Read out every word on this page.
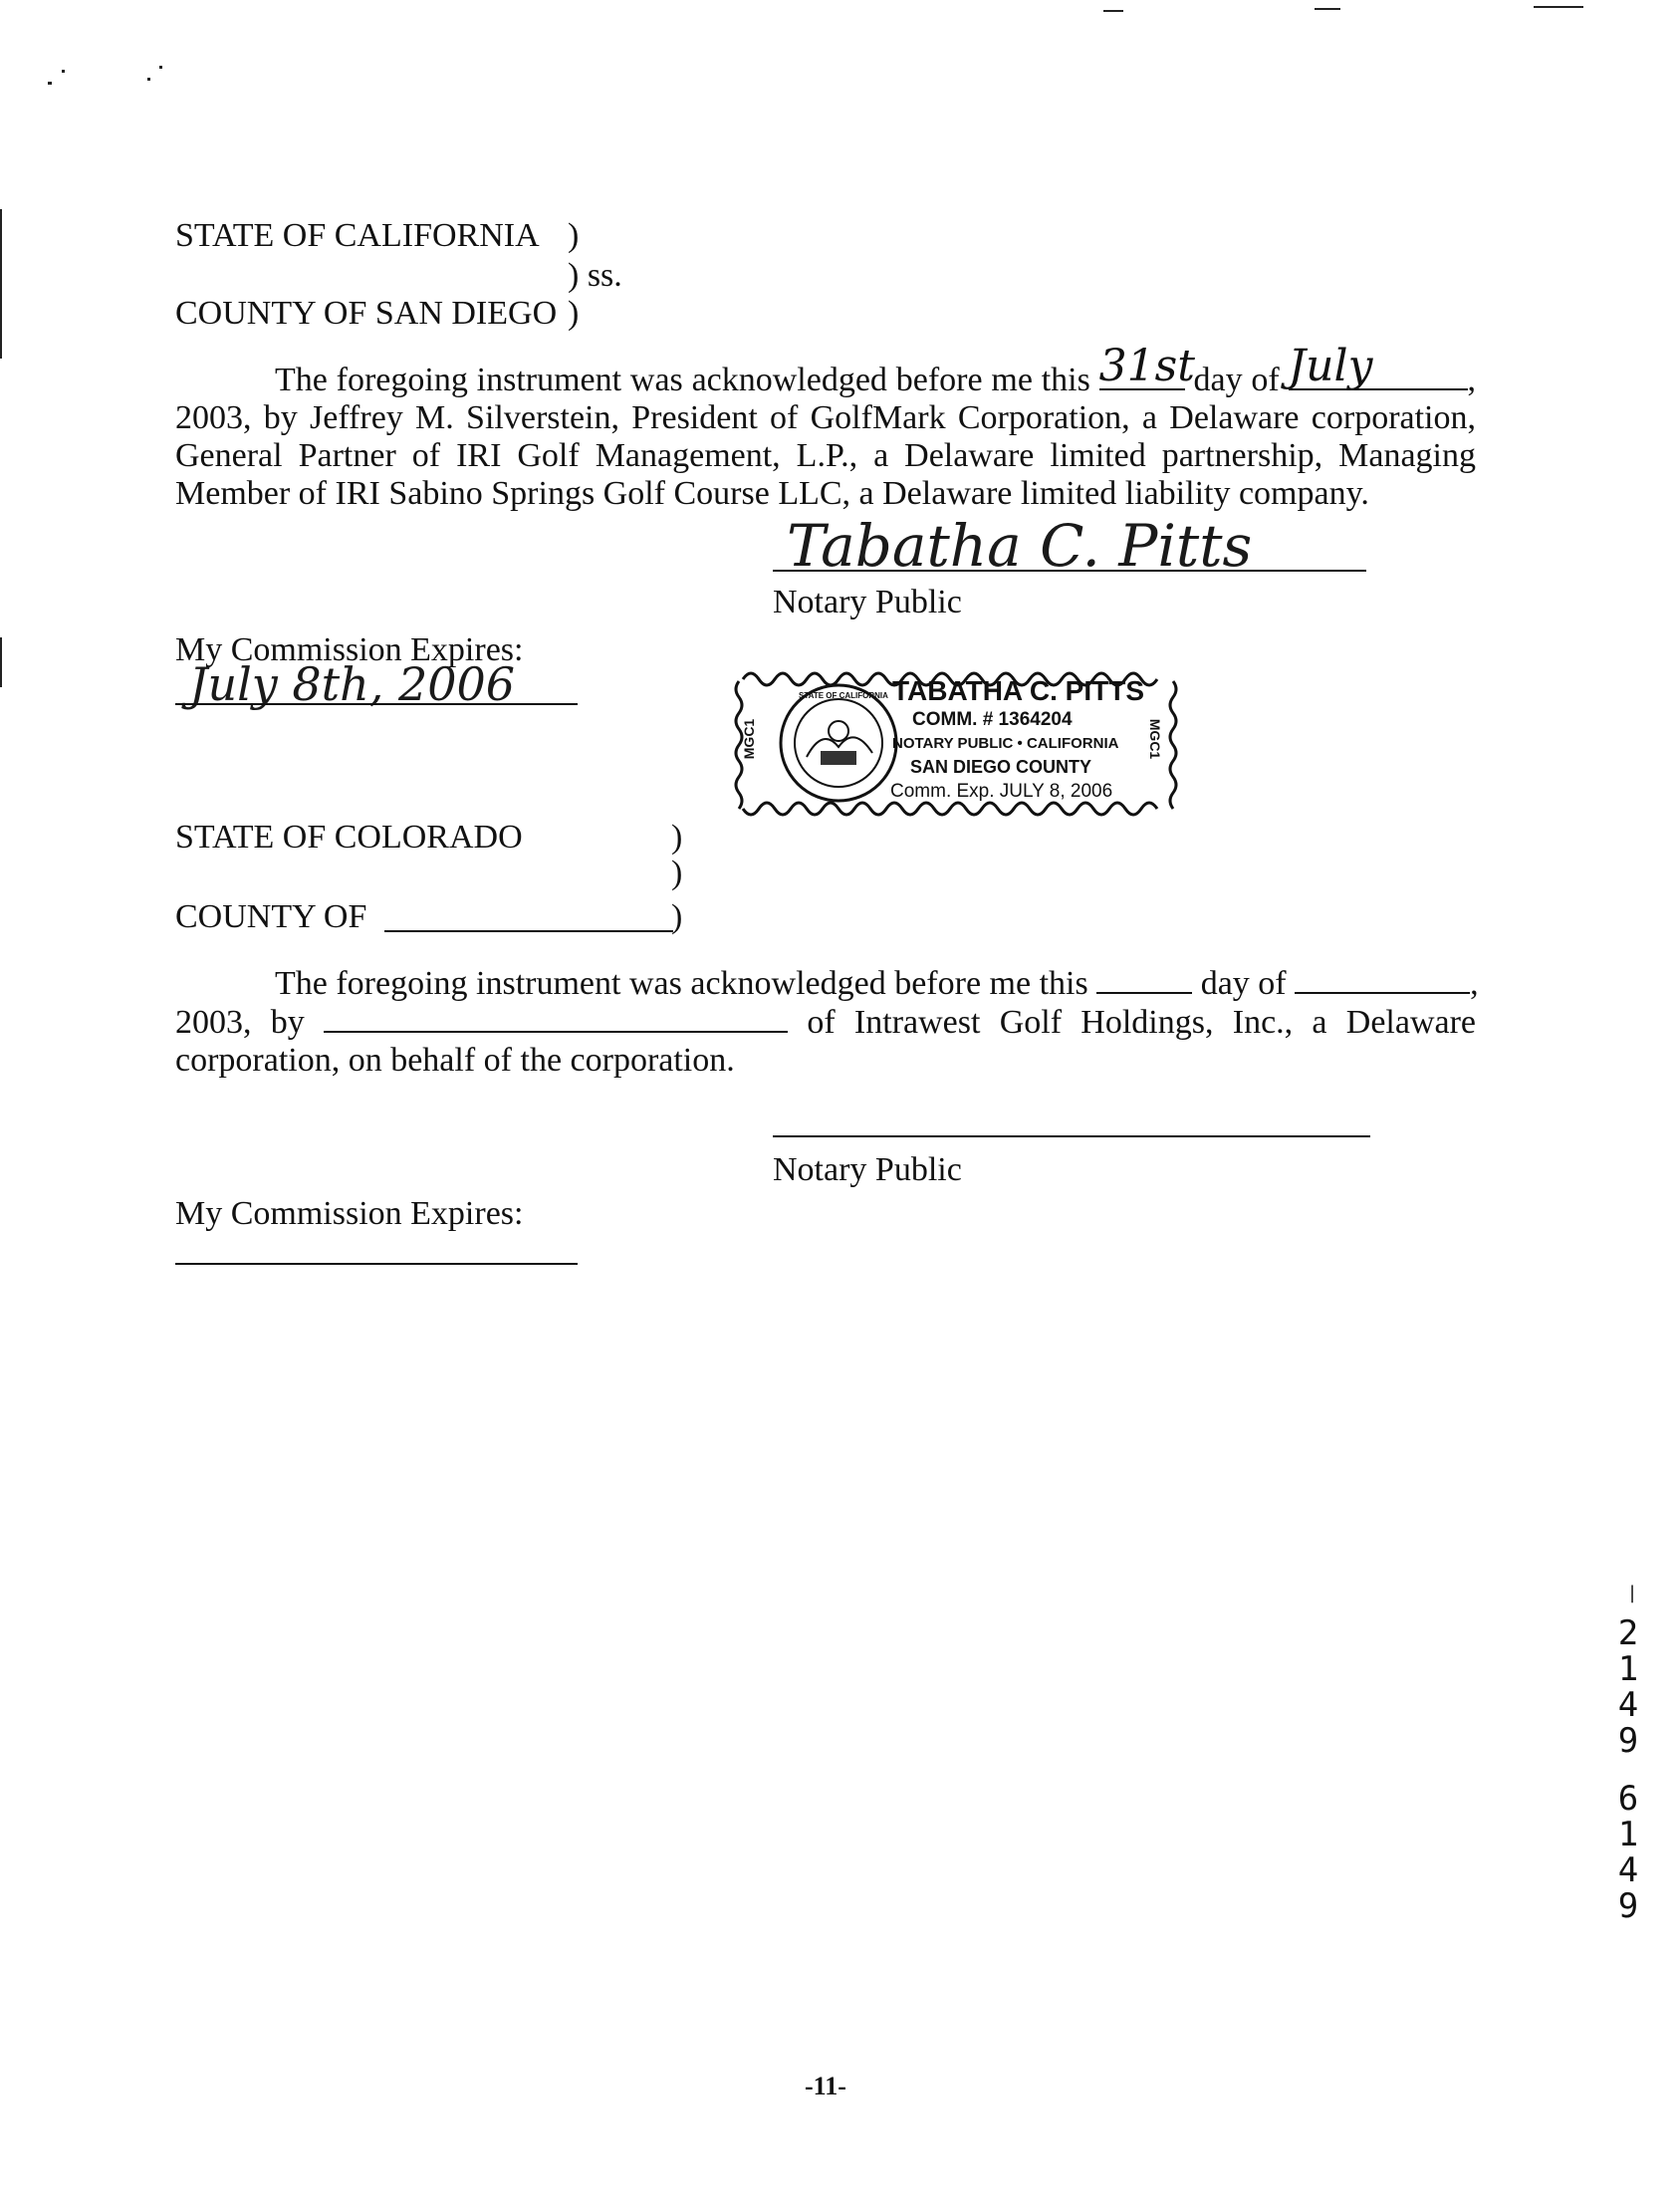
STATE OF CALIFORNIA )
) ss.
COUNTY OF SAN DIEGO )
The foregoing instrument was acknowledged before me this 31st
day of July	,
2003, by Jeffrey M. Silverstein, President of GolfMark Corporation, a Delaware corporation,
General Partner of IRI Golf Management, L.P., a Delaware limited partnership, Managing
Member of IRI Sabino Springs Golf Course LLC, a Delaware limited liability company.
Tabatha C. Pitts
Notary Public
My Commission Expires:
July 8th, 2006	TABATHA C. PITTS
COMM. # 1364204
NOTARY PUBLIC • CALIFORNIA
SAN DIEGO COUNTY
Comm. Exp. JULY 8, 2006
MGC1	MGC1
STATE OF CALIFORNIA
STATE OF COLORADO	)
)
COUNTY OF	)
The foregoing instrument was acknowledged before me this	day of	,
2003, by	of Intrawest Golf Holdings, Inc., a Delaware
corporation, on behalf of the corporation.
Notary Public
My Commission Expires:
|
2
1
4
9
6
1
4
9
-11-
